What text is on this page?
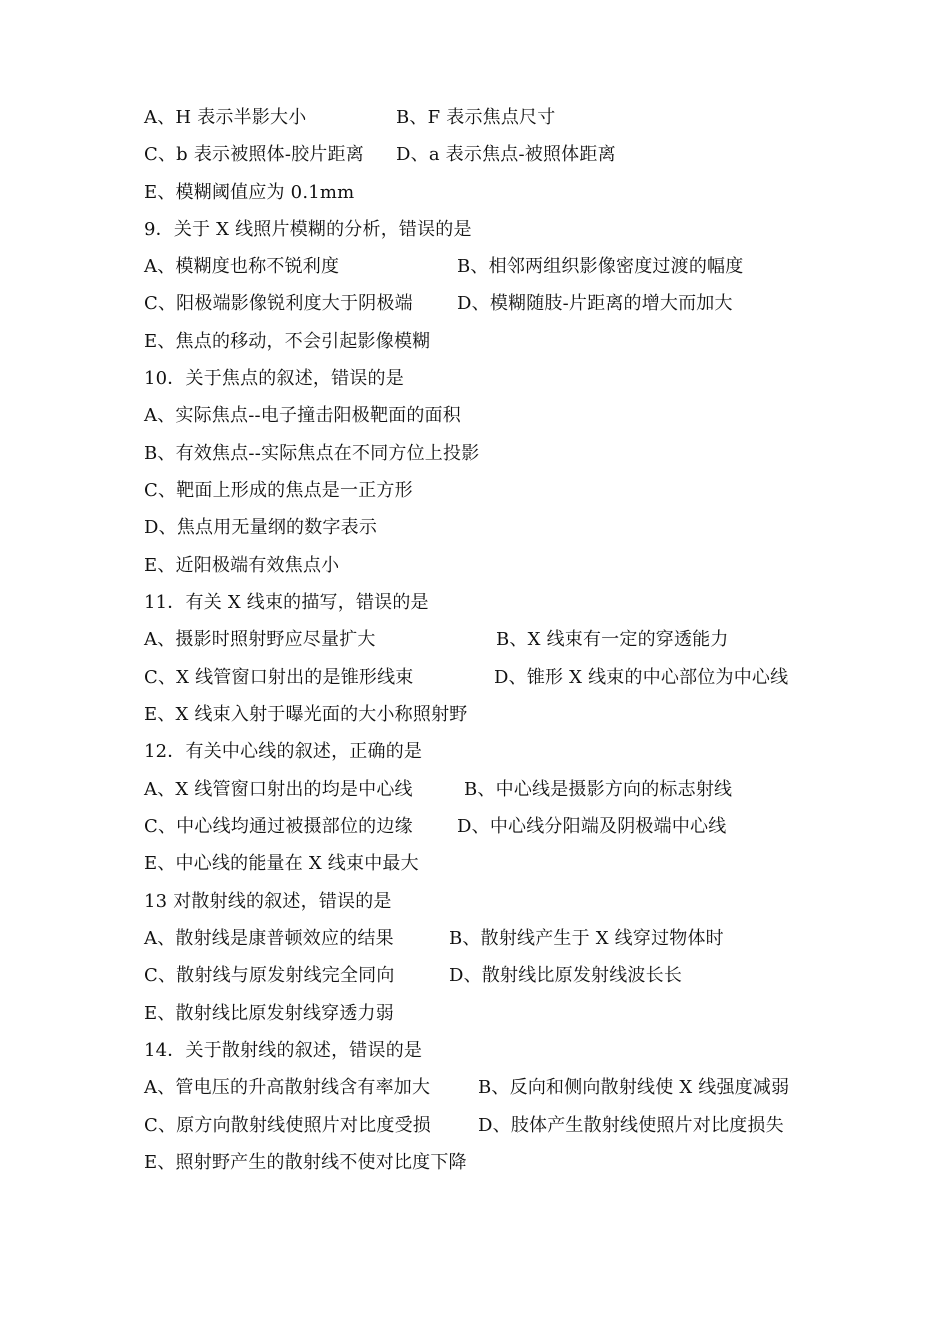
A、H 表示半影大小	B、F 表示焦点尺寸
C、b 表示被照体-胶片距离 D、a 表示焦点-被照体距离
E、模糊阈值应为 0.1mm
9．关于 X 线照片模糊的分析，错误的是
A、模糊度也称不锐利度	B、相邻两组织影像密度过渡的幅度
C、阳极端影像锐利度大于阴极端 D、模糊随肢-片距离的增大而加大
E、焦点的移动，不会引起影像模糊
10．关于焦点的叙述，错误的是
A、实际焦点--电子撞击阳极靶面的面积
B、有效焦点--实际焦点在不同方位上投影
C、靶面上形成的焦点是一正方形
D、焦点用无量纲的数字表示
E、近阳极端有效焦点小
11．有关 X 线束的描写，错误的是
A、摄影时照射野应尽量扩大	B、X 线束有一定的穿透能力
C、X 线管窗口射出的是锥形线束	D、锥形 X 线束的中心部位为中心线
E、X 线束入射于曝光面的大小称照射野
12．有关中心线的叙述，正确的是
A、X 线管窗口射出的均是中心线	B、中心线是摄影方向的标志射线
C、中心线均通过被摄部位的边缘 D、中心线分阳端及阴极端中心线
E、中心线的能量在 X 线束中最大
13 对散射线的叙述，错误的是
A、散射线是康普顿效应的结果	B、散射线产生于 X 线穿过物体时
C、散射线与原发射线完全同向	D、散射线比原发射线波长长
E、散射线比原发射线穿透力弱
14．关于散射线的叙述，错误的是
A、管电压的升高散射线含有率加大	B、反向和侧向散射线使 X 线强度减弱
C、原方向散射线使照片对比度受损	D、肢体产生散射线使照片对比度损失
E、照射野产生的散射线不使对比度下降
